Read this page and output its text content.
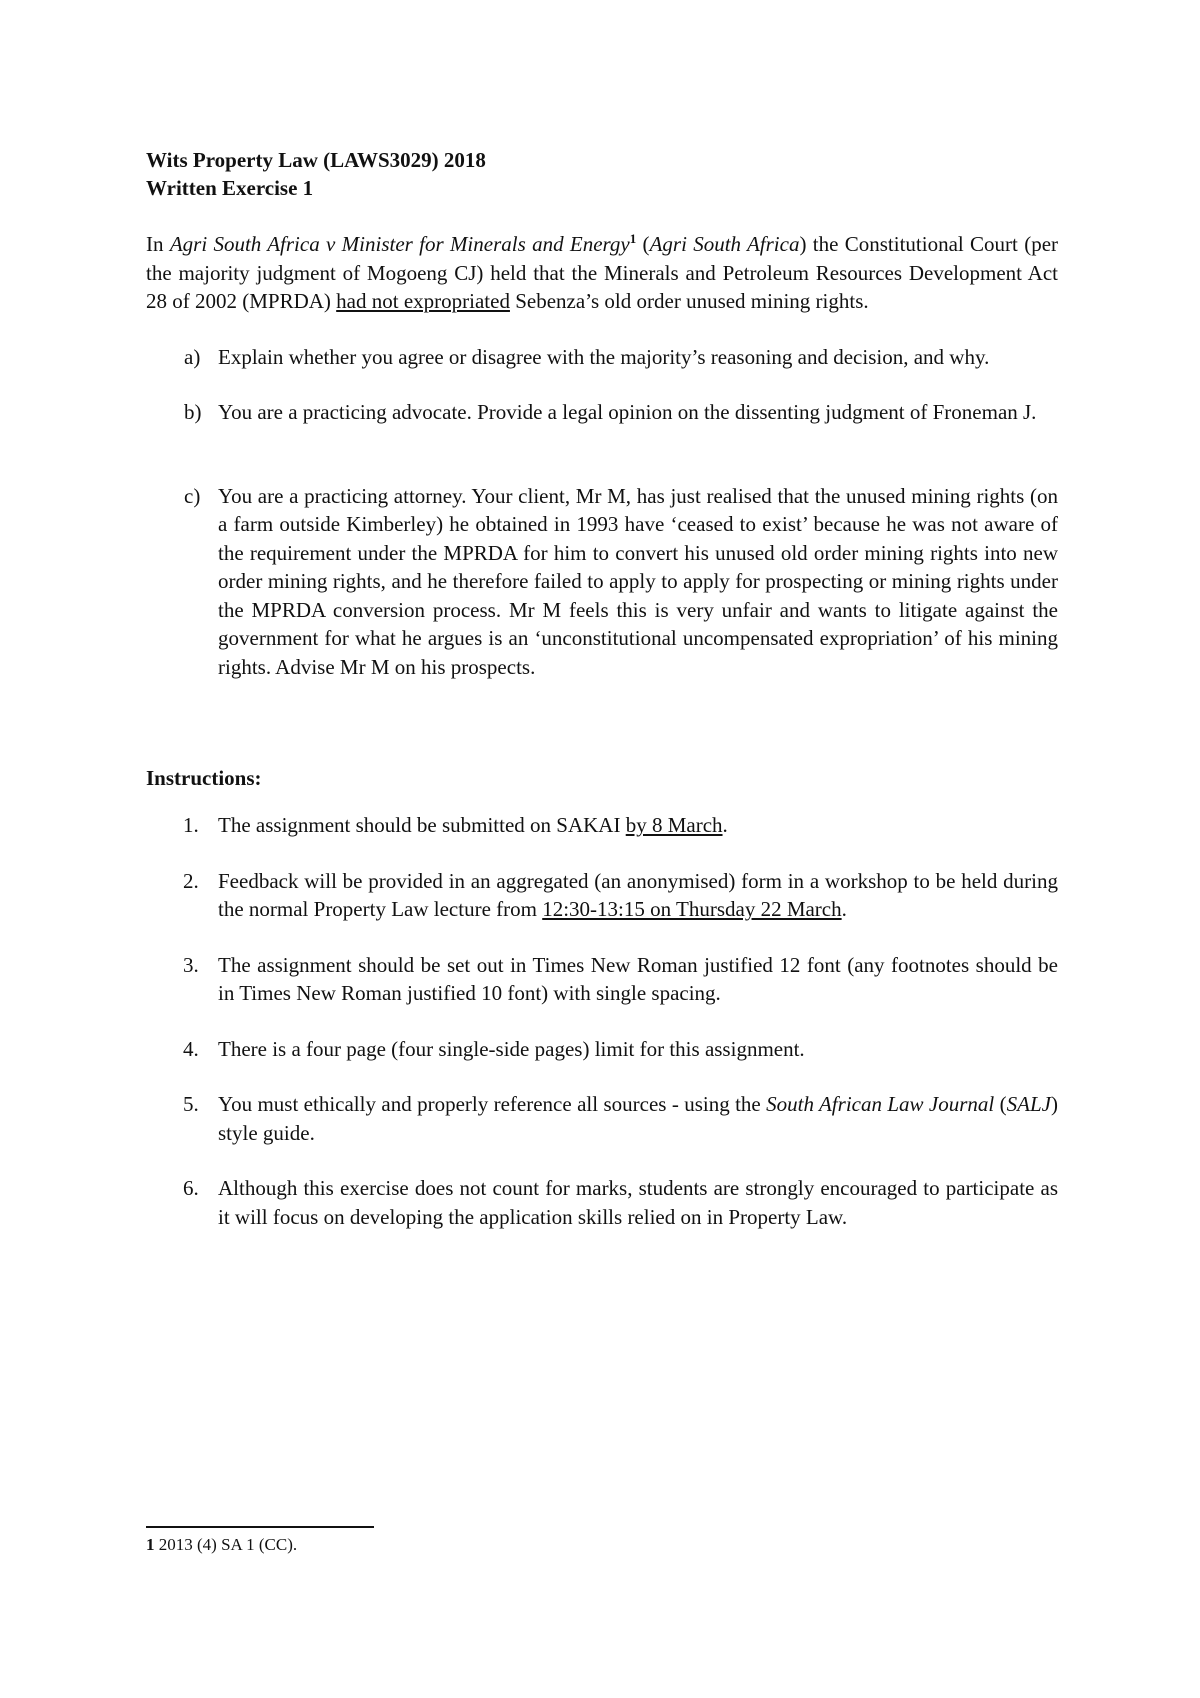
Wits Property Law (LAWS3029) 2018
Written Exercise 1

In Agri South Africa v Minister for Minerals and Energy$^1$ (Agri South Africa) the Constitutional Court (per the majority judgment of Mogoeng CJ) held that the Minerals and Petroleum Resources Development Act 28 of 2002 (MPRDA) had not expropriated Sebenza’s old order unused mining rights.

a) Explain whether you agree or disagree with the majority’s reasoning and decision, and why.
b) You are a practicing advocate. Provide a legal opinion on the dissenting judgment of Froneman J.
c) You are a practicing attorney. Your client, Mr M, has just realised that the unused mining rights (on a farm outside Kimberley) he obtained in 1993 have ‘ceased to exist’ because he was not aware of the requirement under the MPRDA for him to convert his unused old order mining rights into new order mining rights, and he therefore failed to apply to apply for prospecting or mining rights under the MPRDA conversion process. Mr M feels this is very unfair and wants to litigate against the government for what he argues is an ‘unconstitutional uncompensated expropriation’ of his mining rights. Advise Mr M on his prospects.

Instructions:

1. The assignment should be submitted on SAKAI by 8 March.
2. Feedback will be provided in an aggregated (an anonymised) form in a workshop to be held during the normal Property Law lecture from 12:30-13:15 on Thursday 22 March.
3. The assignment should be set out in Times New Roman justified 12 font (any footnotes should be in Times New Roman justified 10 font) with single spacing.
4. There is a four page (four single-side pages) limit for this assignment.
5. You must ethically and properly reference all sources - using the South African Law Journal (SALJ) style guide.
6. Although this exercise does not count for marks, students are strongly encouraged to participate as it will focus on developing the application skills relied on in Property Law.
1 2013 (4) SA 1 (CC).
